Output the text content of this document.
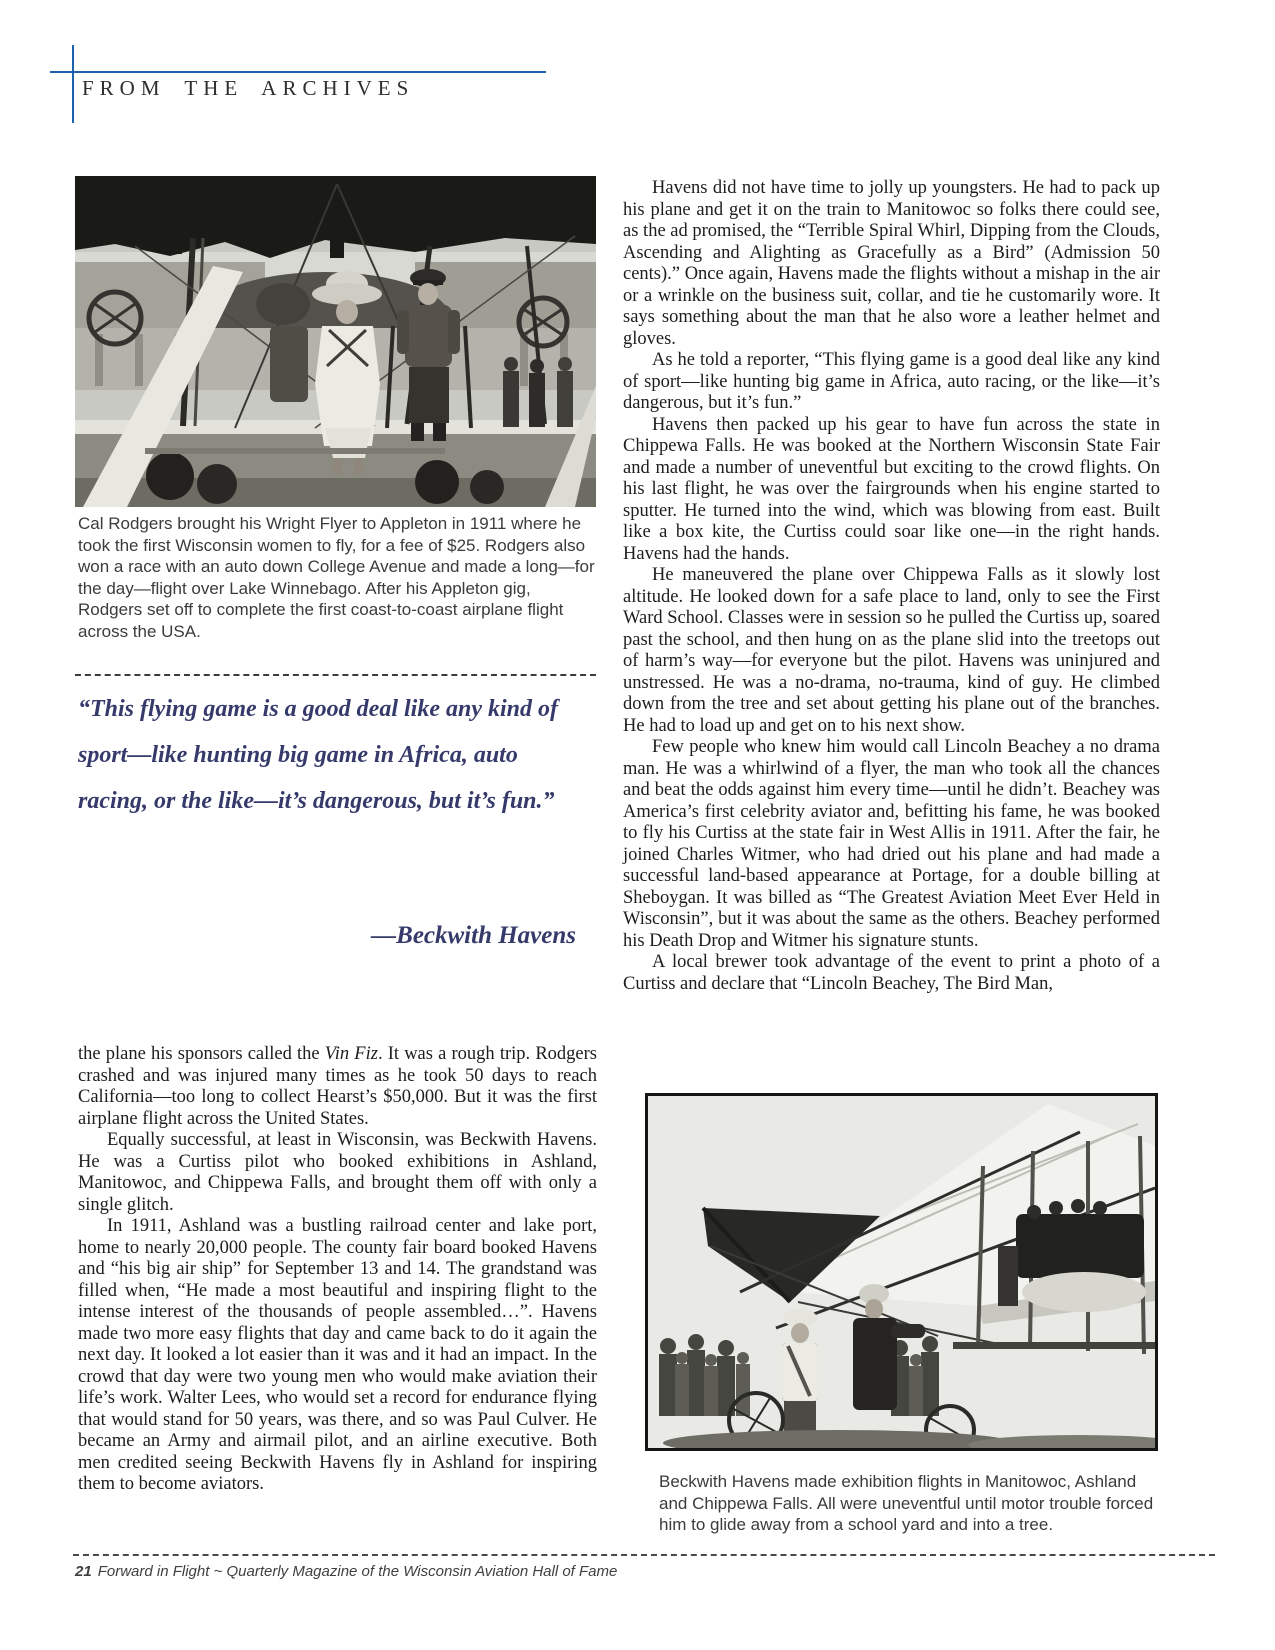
FROM THE ARCHIVES
Cal Rodgers brought his Wright Flyer to Appleton in 1911 where he took the first Wisconsin women to fly, for a fee of $25. Rodgers also won a race with an auto down College Avenue and made a long—for the day—flight over Lake Winnebago. After his Appleton gig, Rodgers set off to complete the first coast-to-coast airplane flight across the USA.
“This flying game is a good deal like any kind of sport—like hunting big game in Africa, auto racing, or the like—it’s dangerous, but it’s fun.”
—Beckwith Havens

the plane his sponsors called the Vin Fiz. It was a rough trip. Rodgers crashed and was injured many times as he took 50 days to reach California—too long to collect Hearst’s $50,000. But it was the first airplane flight across the United States.

Equally successful, at least in Wisconsin, was Beckwith Havens. He was a Curtiss pilot who booked exhibitions in Ashland, Manitowoc, and Chippewa Falls, and brought them off with only a single glitch.

In 1911, Ashland was a bustling railroad center and lake port, home to nearly 20,000 people. The county fair board booked Havens and “his big air ship” for September 13 and 14. The grandstand was filled when, “He made a most beautiful and inspiring flight to the intense interest of the thousands of people assembled…”. Havens made two more easy flights that day and came back to do it again the next day. It looked a lot easier than it was and it had an impact. In the crowd that day were two young men who would make aviation their life’s work. Walter Lees, who would set a record for endurance flying that would stand for 50 years, was there, and so was Paul Culver. He became an Army and airmail pilot, and an airline executive. Both men credited seeing Beckwith Havens fly in Ashland for inspiring them to become aviators.

Havens did not have time to jolly up youngsters. He had to pack up his plane and get it on the train to Manitowoc so folks there could see, as the ad promised, the “Terrible Spiral Whirl, Dipping from the Clouds, Ascending and Alighting as Gracefully as a Bird” (Admission 50 cents).” Once again, Havens made the flights without a mishap in the air or a wrinkle on the business suit, collar, and tie he customarily wore. It says something about the man that he also wore a leather helmet and gloves.

As he told a reporter, “This flying game is a good deal like any kind of sport—like hunting big game in Africa, auto racing, or the like—it’s dangerous, but it’s fun.”

Havens then packed up his gear to have fun across the state in Chippewa Falls. He was booked at the Northern Wisconsin State Fair and made a number of uneventful but exciting to the crowd flights. On his last flight, he was over the fairgrounds when his engine started to sputter. He turned into the wind, which was blowing from east. Built like a box kite, the Curtiss could soar like one—in the right hands. Havens had the hands.

He maneuvered the plane over Chippewa Falls as it slowly lost altitude. He looked down for a safe place to land, only to see the First Ward School. Classes were in session so he pulled the Curtiss up, soared past the school, and then hung on as the plane slid into the treetops out of harm’s way—for everyone but the pilot. Havens was uninjured and unstressed. He was a no-drama, no-trauma, kind of guy. He climbed down from the tree and set about getting his plane out of the branches. He had to load up and get on to his next show.

Few people who knew him would call Lincoln Beachey a no drama man. He was a whirlwind of a flyer, the man who took all the chances and beat the odds against him every time—until he didn’t. Beachey was America’s first celebrity aviator and, befitting his fame, he was booked to fly his Curtiss at the state fair in West Allis in 1911. After the fair, he joined Charles Witmer, who had dried out his plane and had made a successful land-based appearance at Portage, for a double billing at Sheboygan. It was billed as “The Greatest Aviation Meet Ever Held in Wisconsin”, but it was about the same as the others. Beachey performed his Death Drop and Witmer his signature stunts.

A local brewer took advantage of the event to print a photo of a Curtiss and declare that “Lincoln Beachey, The Bird Man,

Beckwith Havens made exhibition flights in Manitowoc, Ashland and Chippewa Falls. All were uneventful until motor trouble forced him to glide away from a school yard and into a tree.
21 Forward in Flight ~ Quarterly Magazine of the Wisconsin Aviation Hall of Fame
